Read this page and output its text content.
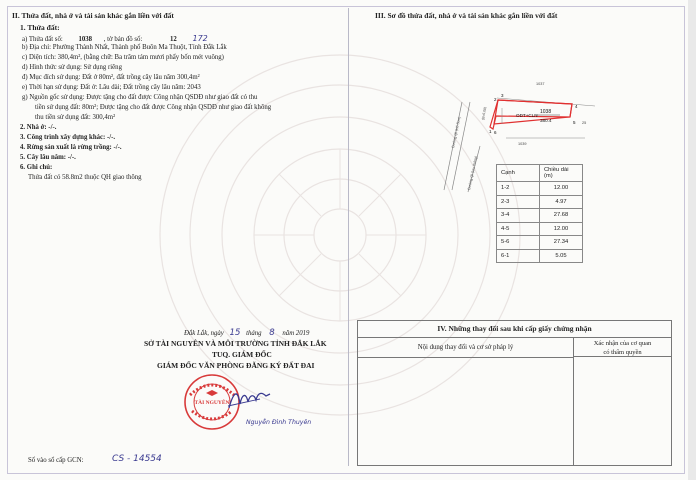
II. Thửa đất, nhà ở và tài sản khác gắn liền với đất
1. Thửa đất:
a) Thửa đất số: 1038 , tờ bản đồ số:	12 172
b) Địa chỉ: Phường Thành Nhất, Thành phố Buôn Ma Thuột, Tỉnh Đắk Lắk
c) Diện tích: 380,4m², (bằng chữ: Ba trăm tám mươi phẩy bốn mét vuông)
d) Hình thức sử dụng: Sử dụng riêng
đ) Mục đích sử dụng: Đất ở 80m², đất trồng cây lâu năm 300,4m²
e) Thời hạn sử dụng: Đất ở: Lâu dài; Đất trồng cây lâu năm: 2043
g) Nguồn gốc sử dụng: Được tặng cho đất được Công nhận QSDĐ như giao đất có thu
tiền sử dụng đất: 80m²; Được tặng cho đất được Công nhận QSDĐ như giao đất không
thu tiền sử dụng đất: 300,4m²
2. Nhà ở: -/-.
3. Công trình xây dựng khác: -/-.
4. Rừng sản xuất là rừng trồng: -/-.
5. Cây lâu năm: -/-.
6. Ghi chú:
Thửa đất có 58.8m2 thuộc QH giao thông
Đắk Lắk, ngày 15 tháng 8 năm 2019
SỞ TÀI NGUYÊN VÀ MÔI TRƯỜNG TỈNH ĐẮK LẮK
TUQ. GIÁM ĐỐC
GIÁM ĐỐC VĂN PHÒNG ĐĂNG KÝ ĐẤT ĐAI
TÀI NGUYÊN
Nguyễn Đình Thuyên
Số vào sổ cấp GCN:	CS - 14554
III. Sơ đồ thửa đất, nhà ở và tài sản khác gắn liền với đất
Đường Ql (Hố Sơn)
Đường Ql (lưu thông)
1037
1039
25
1038
ODT+CLN
380.4
(B=5.00)
3
2
4
5
1 6
Cạnh	Chiều dài (m)
1-2	12.00
2-3	4.97
3-4	27.68
4-5	12.00
5-6	27.34
6-1	5.05
IV. Những thay đổi sau khi cấp giấy chứng nhận
Nội dung thay đổi và cơ sở pháp lý
Xác nhận của cơ quan
có thẩm quyền
